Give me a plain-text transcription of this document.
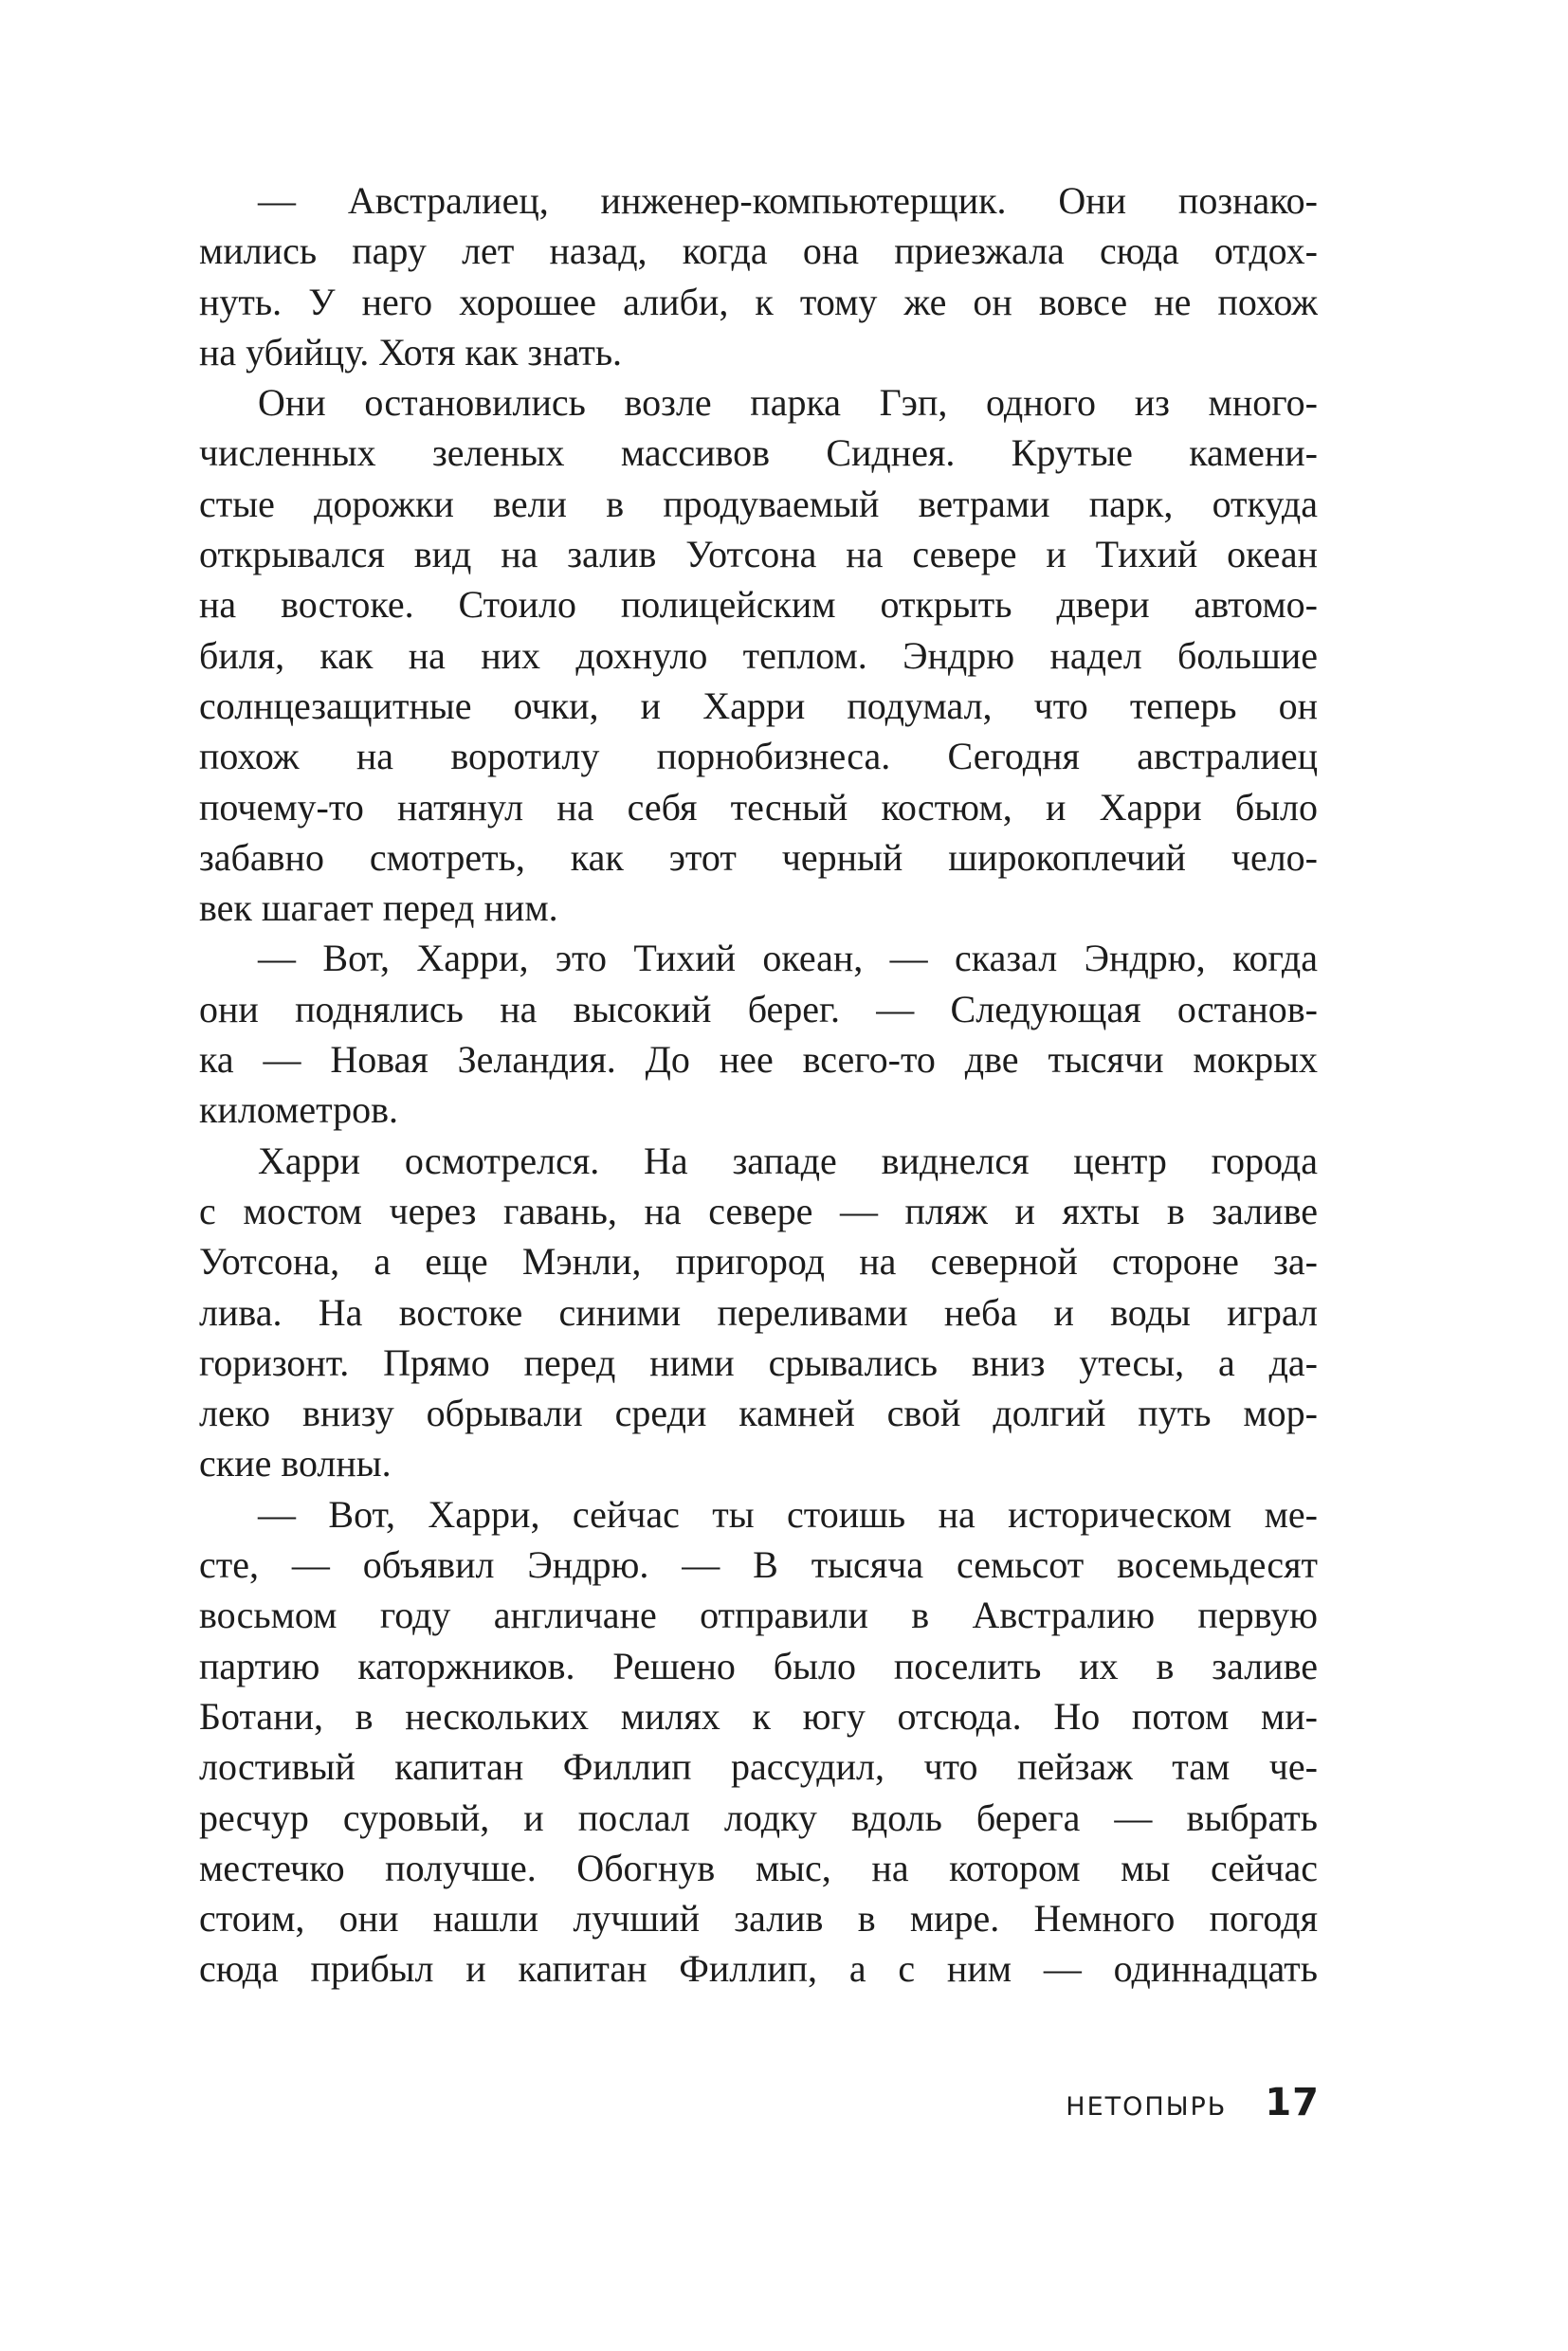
— Австралиец, инженер-компьютерщик. Они познако-
мились пару лет назад, когда она приезжала сюда отдох-
нуть. У него хорошее алиби, к тому же он вовсе не похож
на убийцу. Хотя как знать.
Они остановились возле парка Гэп, одного из много-
численных зеленых массивов Сиднея. Крутые камени-
стые дорожки вели в продуваемый ветрами парк, откуда
открывался вид на залив Уотсона на севере и Тихий океан
на востоке. Стоило полицейским открыть двери автомо-
биля, как на них дохнуло теплом. Эндрю надел большие
солнцезащитные очки, и Харри подумал, что теперь он
похож на воротилу порнобизнеса. Сегодня австралиец
почему-то натянул на себя тесный костюм, и Харри было
забавно смотреть, как этот черный широкоплечий чело-
век шагает перед ним.
— Вот, Харри, это Тихий океан, — сказал Эндрю, когда
они поднялись на высокий берег. — Следующая останов-
ка — Новая Зеландия. До нее всего-то две тысячи мокрых
километров.
Харри осмотрелся. На западе виднелся центр города
с мостом через гавань, на севере — пляж и яхты в заливе
Уотсона, а еще Мэнли, пригород на северной стороне за-
лива. На востоке синими переливами неба и воды играл
горизонт. Прямо перед ними срывались вниз утесы, а да-
леко внизу обрывали среди камней свой долгий путь мор-
ские волны.
— Вот, Харри, сейчас ты стоишь на историческом ме-
сте, — объявил Эндрю. — В тысяча семьсот восемьдесят
восьмом году англичане отправили в Австралию первую
партию каторжников. Решено было поселить их в заливе
Ботани, в нескольких милях к югу отсюда. Но потом ми-
лостивый капитан Филлип рассудил, что пейзаж там че-
ресчур суровый, и послал лодку вдоль берега — выбрать
местечко получше. Обогнув мыс, на котором мы сейчас
стоим, они нашли лучший залив в мире. Немного погодя
сюда прибыл и капитан Филлип, а с ним — одиннадцать
НЕТОПЫРЬ 17
